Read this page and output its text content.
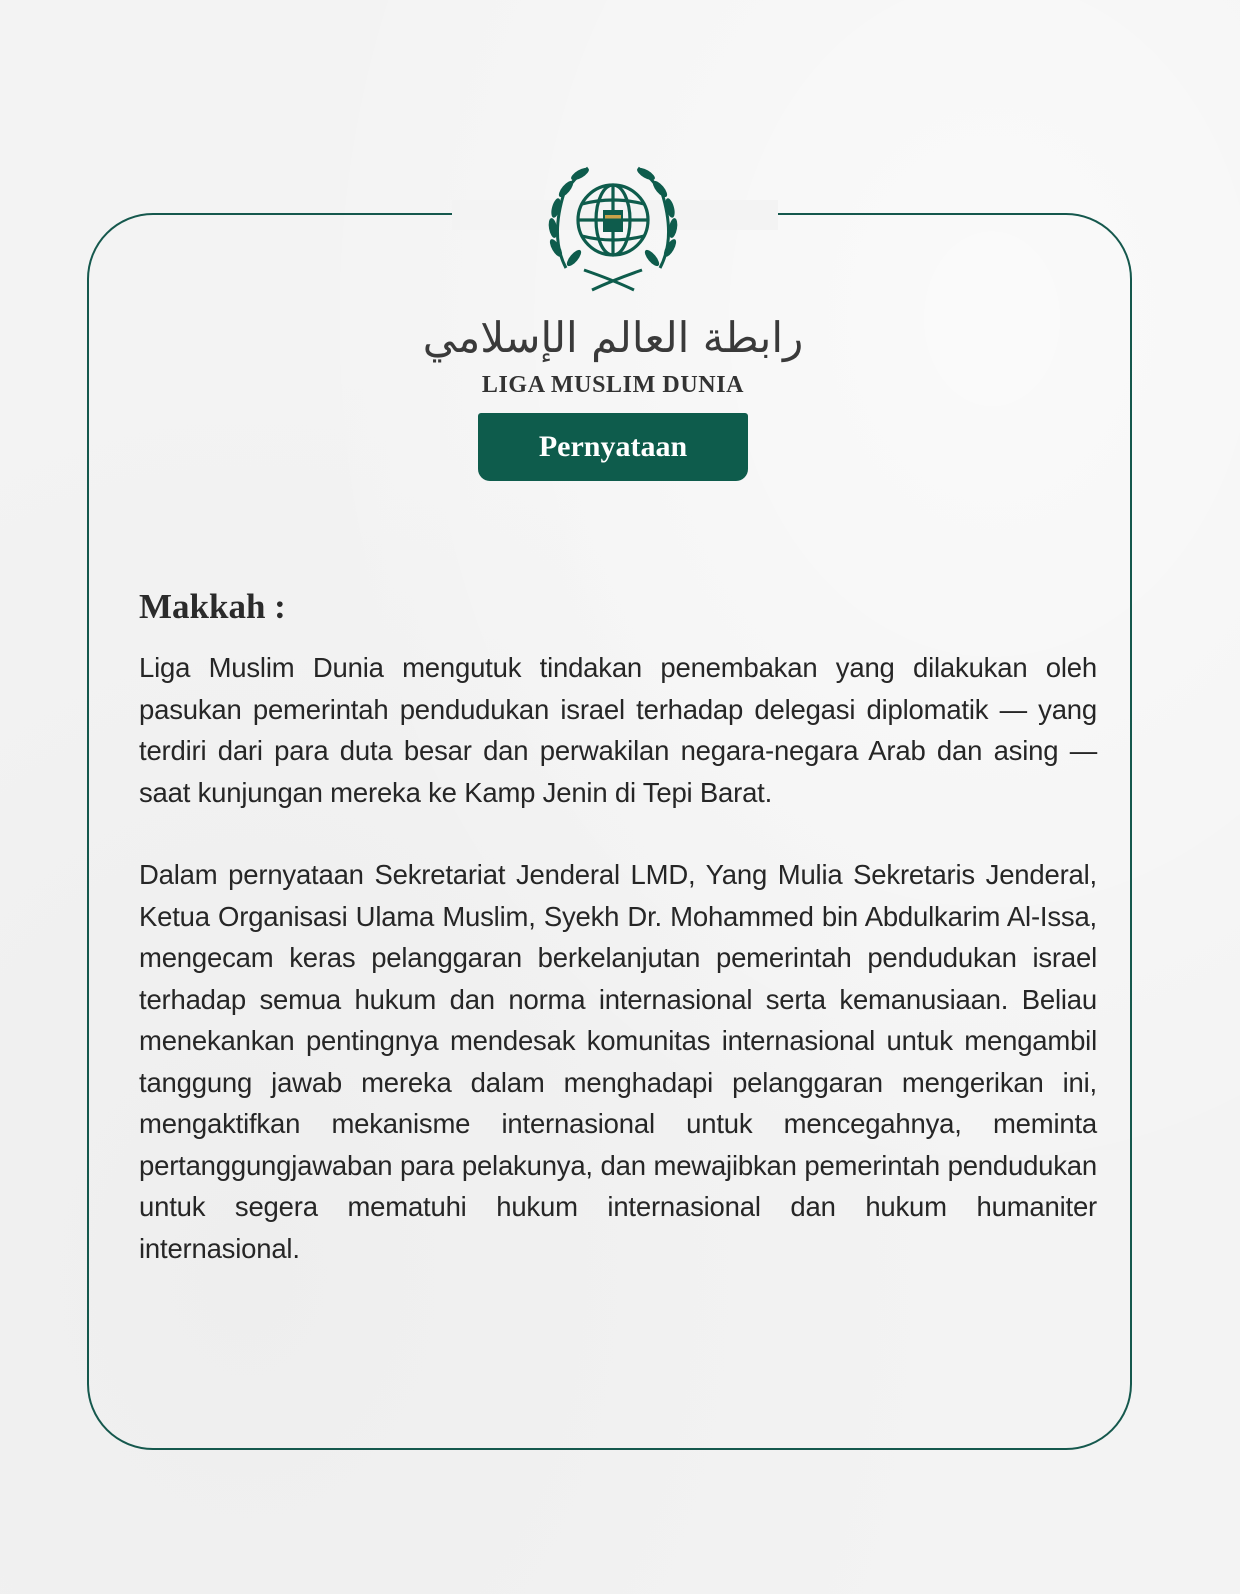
رابطة العالم الإسلامي
LIGA MUSLIM DUNIA
Pernyataan
Makkah :

Liga Muslim Dunia mengutuk tindakan penembakan yang dilakukan oleh pasukan pemerintah pendudukan israel terhadap delegasi diplomatik — yang terdiri dari para duta besar dan perwakilan negara-negara Arab dan asing — saat kunjungan mereka ke Kamp Jenin di Tepi Barat.

Dalam pernyataan Sekretariat Jenderal LMD, Yang Mulia Sekretaris Jenderal, Ketua Organisasi Ulama Muslim, Syekh Dr. Mohammed bin Abdulkarim Al-Issa, mengecam keras pelanggaran berkelanjutan pemerintah pendudukan israel terhadap semua hukum dan norma internasional serta kemanusiaan. Beliau menekankan pentingnya mendesak komunitas internasional untuk mengambil tanggung jawab mereka dalam menghadapi pelanggaran mengerikan ini, mengaktifkan mekanisme internasional untuk mencegahnya, meminta pertanggungjawaban para pelakunya, dan mewajibkan pemerintah pendudukan untuk segera mematuhi hukum internasional dan hukum humaniter internasional.
